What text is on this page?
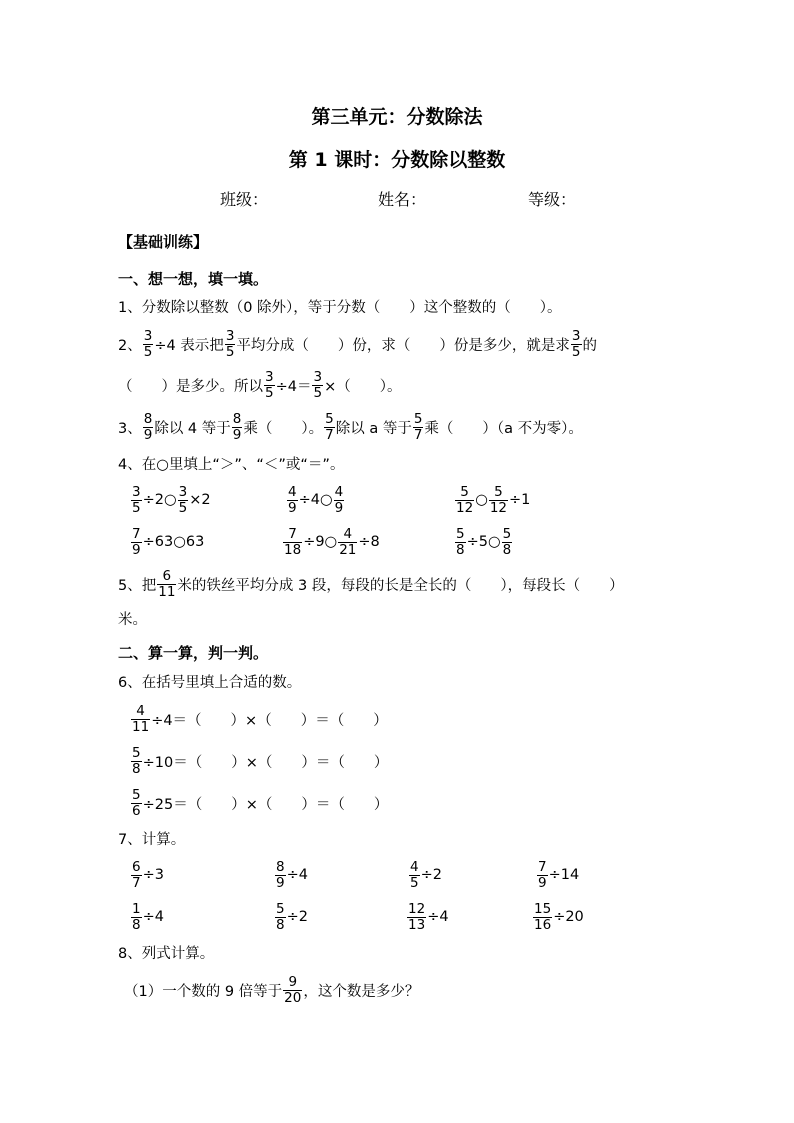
第三单元：分数除法
第 1 课时：分数除以整数
班级：	姓名：	等级：
【基础训练】
一、想一想，填一填。
1、分数除以整数（0 除外），等于分数（　　）这个整数的（　　）。
2、 $\frac{3}{5} \div 4$ 表示把 $\frac{3}{5}$ 平均分成（　　）份，求（　　）份是多少，就是求 $\frac{3}{5}$ 的
（　　）是多少。所以 $\frac{3}{5} \div 4= \frac{3}{5}$ ×（　　）。
3、 $\frac{8}{9}$ 除以 4 等于 $\frac{8}{9}$ 乘（　　）。 $\frac{5}{7}$ 除以 a 等于 $\frac{5}{7}$ 乘（　　）（a 不为零）。
4、在○里填上“＞”、“＜”或“＝”。
$\frac{3}{5}$ ÷2○ $\frac{3}{5} \times 2$	$\frac{4}{9}$ ÷4○ $\frac{4}{9}$	$\frac{5}{12}$ ○ $\frac{5}{12} \div 1$
$\frac{7}{9}$ ÷63○63	$\frac{7}{18}$ ÷9○ $\frac{4}{21} \div 8$	$\frac{5}{8}$ ÷5○ $\frac{5}{8}$
5、把 $\frac{6}{11}$ 米的铁丝平均分成 3 段，每段的长是全长的（　　），每段长（　　）
米。
二、算一算，判一判。
6、在括号里填上合适的数。
$\frac{4}{11} \div 4=$（　　）×（　　）＝（　　）
$\frac{5}{8} \div 10=$（　　）×（　　）＝（　　）
$\frac{5}{6} \div 25=$（　　）×（　　）＝（　　）
7、计算。
$\frac{6}{7} \div 3$	$\frac{8}{9} \div 4$	$\frac{4}{5} \div 2$	$\frac{7}{9} \div 14$
$\frac{1}{8} \div 4$	$\frac{5}{8} \div 2$	$\frac{12}{13} \div 4$	$\frac{15}{16} \div 20$
8、列式计算。
（1）一个数的 9 倍等于 $\frac{9}{20}$ ，这个数是多少？
